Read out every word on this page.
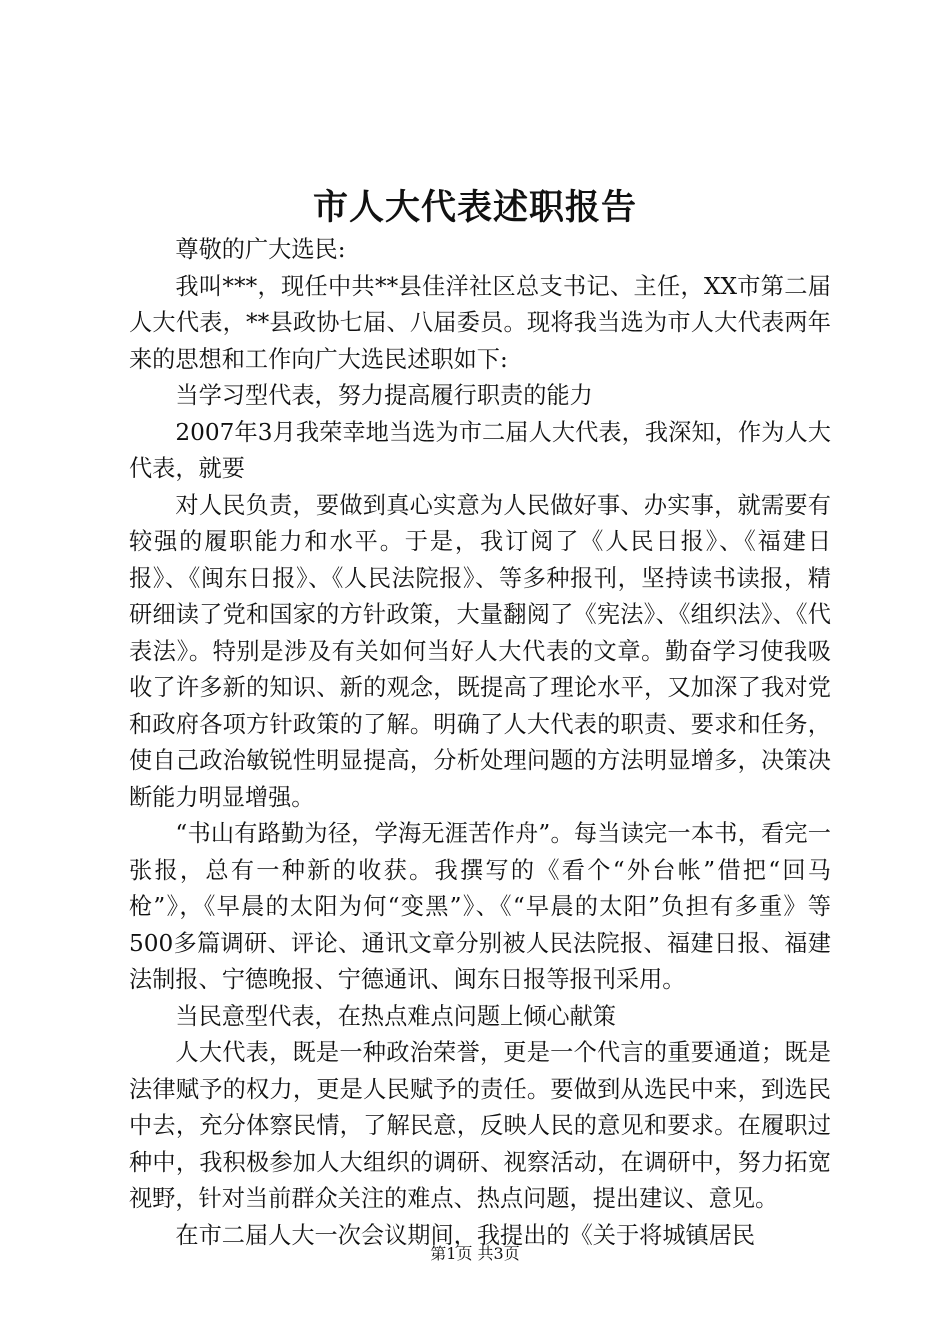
市人大代表述职报告

尊敬的广大选民:

我叫***，现任中共**县佳洋社区总支书记、主任，XX市第二届人大代表，**县政协七届、八届委员。现将我当选为市人大代表两年来的思想和工作向广大选民述职如下:

当学习型代表，努力提高履行职责的能力

2007年3月我荣幸地当选为市二届人大代表，我深知，作为人大代表，就要

对人民负责，要做到真心实意为人民做好事、办实事，就需要有较强的履职能力和水平。于是，我订阅了《人民日报》、《福建日报》、《闽东日报》、《人民法院报》、等多种报刊，坚持读书读报，精研细读了党和国家的方针政策，大量翻阅了《宪法》、《组织法》、《代表法》。特别是涉及有关如何当好人大代表的文章。勤奋学习使我吸收了许多新的知识、新的观念，既提高了理论水平，又加深了我对党和政府各项方针政策的了解。明确了人大代表的职责、要求和任务，使自己政治敏锐性明显提高，分析处理问题的方法明显增多，决策决断能力明显增强。

“书山有路勤为径，学海无涯苦作舟”。每当读完一本书，看完一张报，总有一种新的收获。我撰写的《看个“外台帐”借把“回马枪”》，《早晨的太阳为何“变黑”》、《“早晨的太阳”负担有多重》等500多篇调研、评论、通讯文章分别被人民法院报、福建日报、福建法制报、宁德晚报、宁德通讯、闽东日报等报刊采用。

当民意型代表，在热点难点问题上倾心献策

人大代表，既是一种政治荣誉，更是一个代言的重要通道；既是法律赋予的权力，更是人民赋予的责任。要做到从选民中来，到选民中去，充分体察民情，了解民意，反映人民的意见和要求。在履职过种中，我积极参加人大组织的调研、视察活动，在调研中，努力拓宽视野，针对当前群众关注的难点、热点问题，提出建议、意见。

在市二届人大一次会议期间，我提出的《关于将城镇居民

第1页 共3页
